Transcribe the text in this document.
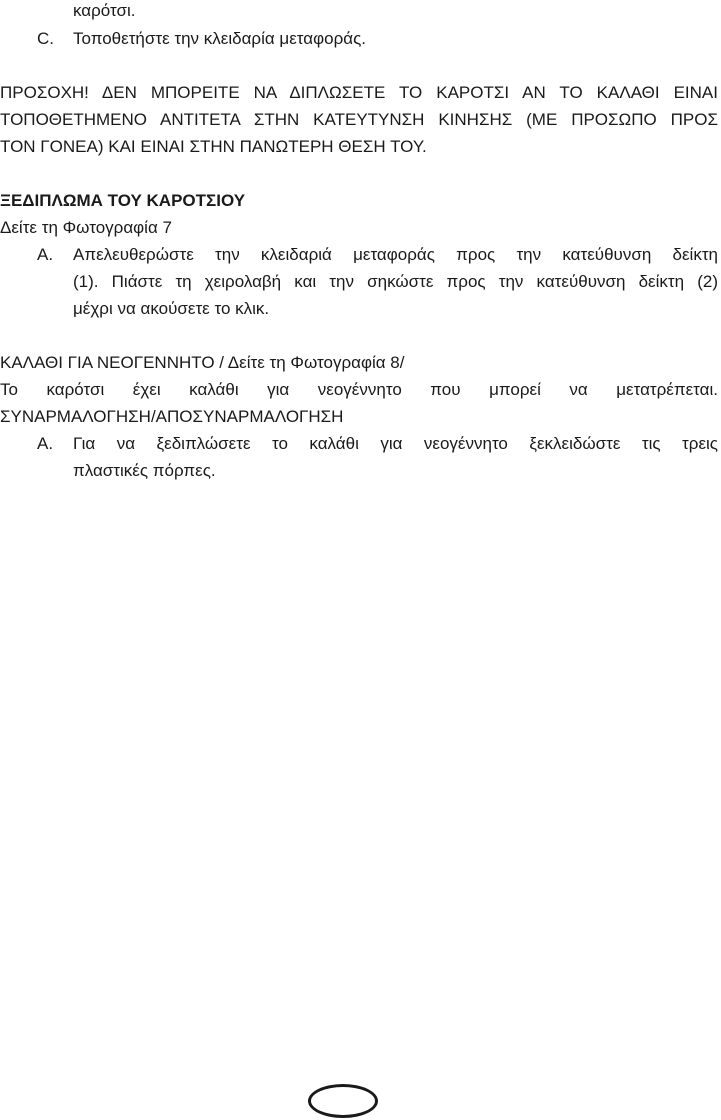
καρότσι.
C.	Τοποθετήστε την κλειδαρία μεταφοράς.
ΠΡΟΣΟΧΗ! ΔΕΝ ΜΠΟΡΕΙΤΕ ΝΑ ΔΙΠΛΩΣΕΤΕ ΤΟ ΚΑΡΟΤΣΙ ΑΝ ΤΟ ΚΑΛΑΘΙ ΕΙΝΑΙ
ΤΟΠΟΘΕΤΗΜΕΝΟ ΑΝΤΙΤΕΤΑ ΣΤΗΝ ΚΑΤΕΥΤΥΝΣΗ ΚΙΝΗΣΗΣ (ΜΕ ΠΡΟΣΩΠΟ ΠΡΟΣ
ΤΟΝ ΓΟΝΕΑ) ΚΑΙ ΕΙΝΑΙ ΣΤΗΝ ΠΑΝΩΤΕΡΗ ΘΕΣΗ ΤΟΥ.
ΞΕΔΙΠΛΩΜΑ ΤΟΥ ΚΑΡΟΤΣΙΟΥ
Δείτε τη Φωτογραφία 7
A.	Απελευθερώστε την κλειδαριά μεταφοράς προς την κατεύθυνση δείκτη
(1). Πιάστε τη χειρολαβή και την σηκώστε προς την κατεύθυνση δείκτη (2)
μέχρι να ακούσετε το κλικ.
ΚΑΛΑΘΙ ΓΙΑ ΝΕΟΓΕΝΝΗΤΟ / Δείτε τη Φωτογραφία 8/
Το καρότσι έχει καλάθι για νεογέννητο που μπορεί να μετατρέπεται.
ΣΥΝΑΡΜΑΛΟΓΗΣΗ/ΑΠΟΣΥΝΑΡΜΑΛΟΓΗΣΗ
A.	Για να ξεδιπλώσετε το καλάθι για νεογέννητο ξεκλειδώστε τις τρεις
πλαστικές πόρπες.
